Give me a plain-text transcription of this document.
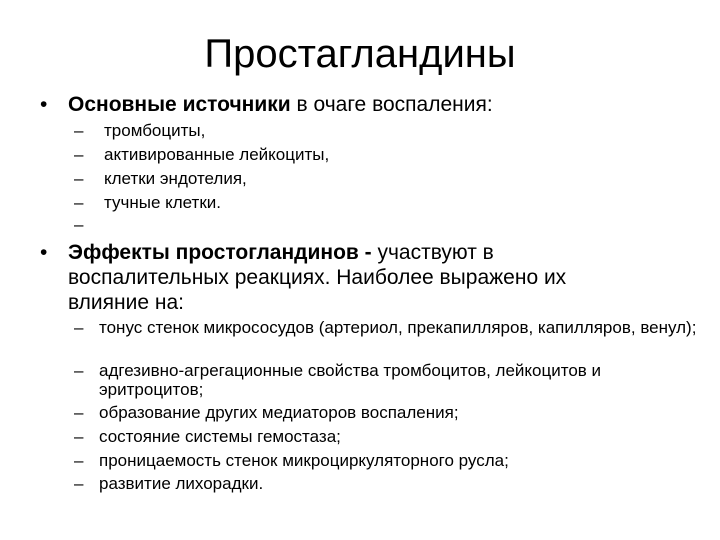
Простагландины
• Основные источники в очаге воспаления:
– тромбоциты,
– активированные лейкоциты,
– клетки эндотелия,
– тучные клетки.
–
• Эффекты простогландинов - участвуют в воспалительных реакциях. Наиболее выражено их влияние на:
– тонус стенок микрососудов (артериол, прекапилляров, капилляров, венул);
– адгезивно-агрегационные свойства тромбоцитов, лейкоцитов и эритроцитов;
– образование других медиаторов воспаления;
– состояние системы гемостаза;
– проницаемость стенок микроциркуляторного русла;
– развитие лихорадки.
